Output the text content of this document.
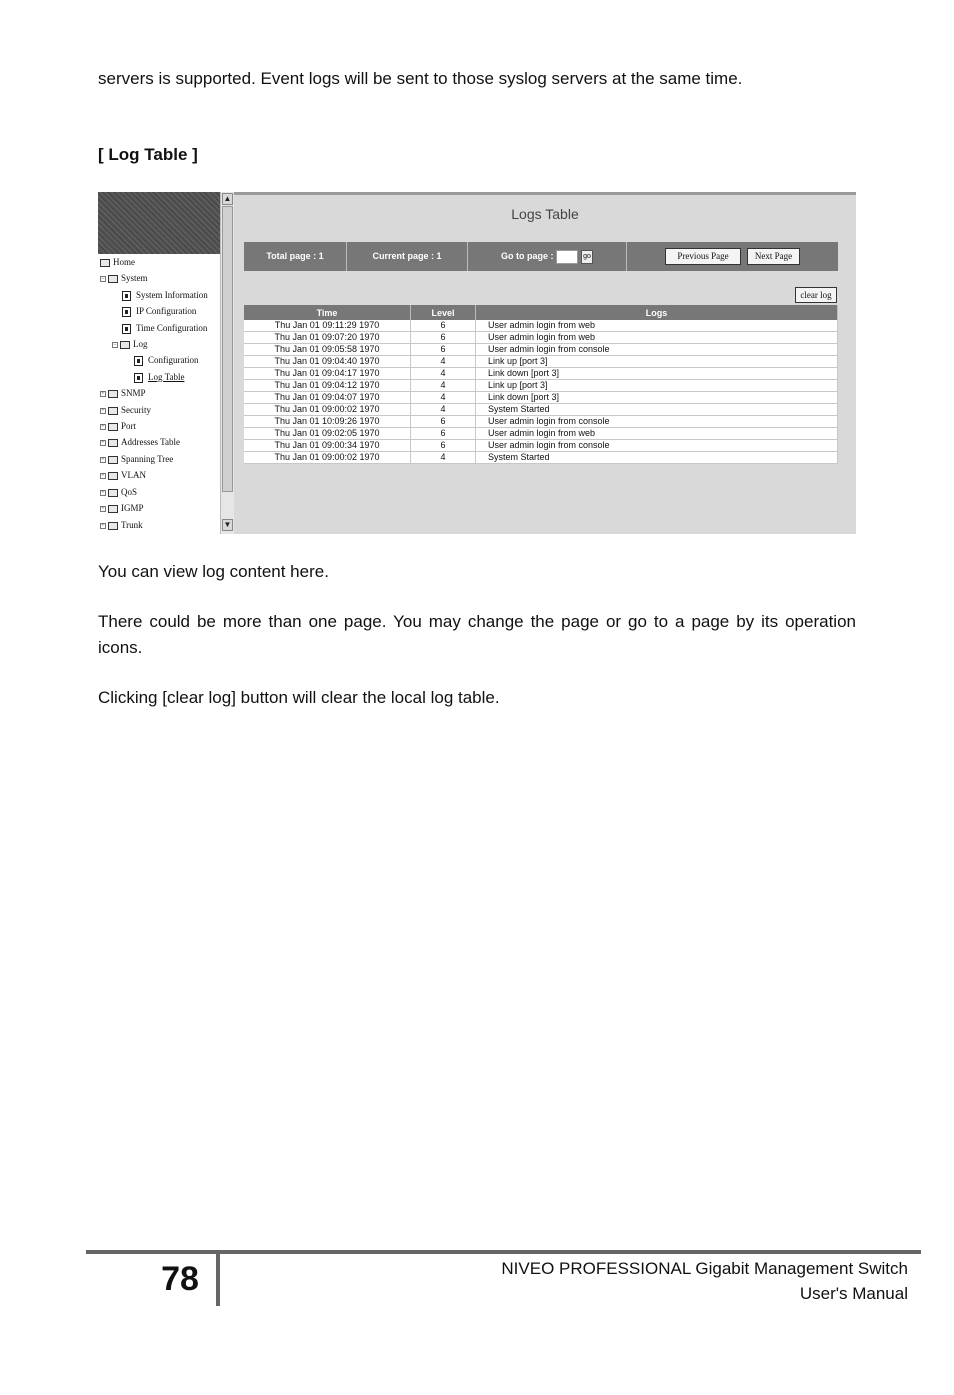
servers is supported. Event logs will be sent to those syslog servers at the same time.

[ Log Table ]

Home
− System
System Information
IP Configuration
Time Configuration
− Log
Configuration
Log Table
+ SNMP
+ Security
+ Port
+ Addresses Table
+ Spanning Tree
+ VLAN
+ QoS
+ IGMP
+ Trunk
▲
▼
Logs Table
Total page : 1	Current page : 1	Go to page :	go	Previous Page	Next Page
clear log
Time	Level	Logs
Thu Jan 01 09:11:29 1970	6	User admin login from web
Thu Jan 01 09:07:20 1970	6	User admin login from web
Thu Jan 01 09:05:58 1970	6	User admin login from console
Thu Jan 01 09:04:40 1970	4	Link up [port 3]
Thu Jan 01 09:04:17 1970	4	Link down [port 3]
Thu Jan 01 09:04:12 1970	4	Link up [port 3]
Thu Jan 01 09:04:07 1970	4	Link down [port 3]
Thu Jan 01 09:00:02 1970	4	System Started
Thu Jan 01 10:09:26 1970	6	User admin login from console
Thu Jan 01 09:02:05 1970	6	User admin login from web
Thu Jan 01 09:00:34 1970	6	User admin login from console
Thu Jan 01 09:00:02 1970	4	System Started

You can view log content here.

There could be more than one page. You may change the page or go to a page by its operation icons.

Clicking [clear log] button will clear the local log table.

78	NIVEO PROFESSIONAL Gigabit Management Switch
User's Manual
